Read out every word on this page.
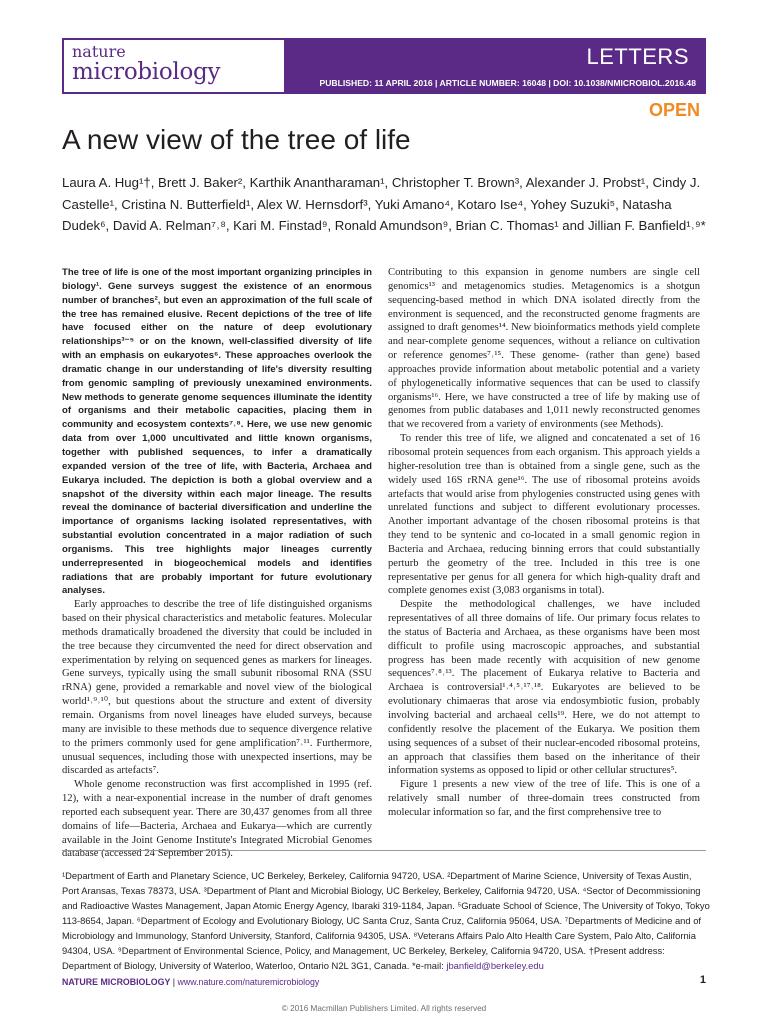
nature
microbiology
LETTERS
PUBLISHED: 11 APRIL 2016 | ARTICLE NUMBER: 16048 | DOI: 10.1038/NMICROBIOL.2016.48
OPEN
A new view of the tree of life
Laura A. Hug¹†, Brett J. Baker², Karthik Anantharaman¹, Christopher T. Brown³, Alexander J. Probst¹, Cindy J. Castelle¹, Cristina N. Butterfield¹, Alex W. Hernsdorf³, Yuki Amano⁴, Kotaro Ise⁴, Yohey Suzuki⁵, Natasha Dudek⁶, David A. Relman⁷˒⁸, Kari M. Finstad⁹, Ronald Amundson⁹, Brian C. Thomas¹ and Jillian F. Banfield¹˒⁹*

The tree of life is one of the most important organizing principles in biology¹. Gene surveys suggest the existence of an enormous number of branches², but even an approximation of the full scale of the tree has remained elusive. Recent depictions of the tree of life have focused either on the nature of deep evolutionary relationships³⁻⁵ or on the known, well-classified diversity of life with an emphasis on eukaryotes⁶. These approaches overlook the dramatic change in our understanding of life's diversity resulting from genomic sampling of previously unexamined environments. New methods to generate genome sequences illuminate the identity of organisms and their metabolic capacities, placing them in community and ecosystem contexts⁷˒⁸. Here, we use new genomic data from over 1,000 uncultivated and little known organisms, together with published sequences, to infer a dramatically expanded version of the tree of life, with Bacteria, Archaea and Eukarya included. The depiction is both a global overview and a snapshot of the diversity within each major lineage. The results reveal the dominance of bacterial diversification and underline the importance of organisms lacking isolated representatives, with substantial evolution concentrated in a major radiation of such organisms. This tree highlights major lineages currently underrepresented in biogeochemical models and identifies radiations that are probably important for future evolutionary analyses.

Early approaches to describe the tree of life distinguished organisms based on their physical characteristics and metabolic features. Molecular methods dramatically broadened the diversity that could be included in the tree because they circumvented the need for direct observation and experimentation by relying on sequenced genes as markers for lineages. Gene surveys, typically using the small subunit ribosomal RNA (SSU rRNA) gene, provided a remarkable and novel view of the biological world¹˒⁹˒¹⁰, but questions about the structure and extent of diversity remain. Organisms from novel lineages have eluded surveys, because many are invisible to these methods due to sequence divergence relative to the primers commonly used for gene amplification⁷˒¹¹. Furthermore, unusual sequences, including those with unexpected insertions, may be discarded as artefacts⁷.

Whole genome reconstruction was first accomplished in 1995 (ref. 12), with a near-exponential increase in the number of draft genomes reported each subsequent year. There are 30,437 genomes from all three domains of life—Bacteria, Archaea and Eukarya—which are currently available in the Joint Genome Institute's Integrated Microbial Genomes database (accessed 24 September 2015).

Contributing to this expansion in genome numbers are single cell genomics¹³ and metagenomics studies. Metagenomics is a shotgun sequencing-based method in which DNA isolated directly from the environment is sequenced, and the reconstructed genome fragments are assigned to draft genomes¹⁴. New bioinformatics methods yield complete and near-complete genome sequences, without a reliance on cultivation or reference genomes⁷˒¹⁵. These genome- (rather than gene) based approaches provide information about metabolic potential and a variety of phylogenetically informative sequences that can be used to classify organisms¹⁶. Here, we have constructed a tree of life by making use of genomes from public databases and 1,011 newly reconstructed genomes that we recovered from a variety of environments (see Methods).

To render this tree of life, we aligned and concatenated a set of 16 ribosomal protein sequences from each organism. This approach yields a higher-resolution tree than is obtained from a single gene, such as the widely used 16S rRNA gene¹⁶. The use of ribosomal proteins avoids artefacts that would arise from phylogenies constructed using genes with unrelated functions and subject to different evolutionary processes. Another important advantage of the chosen ribosomal proteins is that they tend to be syntenic and co-located in a small genomic region in Bacteria and Archaea, reducing binning errors that could substantially perturb the geometry of the tree. Included in this tree is one representative per genus for all genera for which high-quality draft and complete genomes exist (3,083 organisms in total).

Despite the methodological challenges, we have included representatives of all three domains of life. Our primary focus relates to the status of Bacteria and Archaea, as these organisms have been most difficult to profile using macroscopic approaches, and substantial progress has been made recently with acquisition of new genome sequences⁷˒⁸˒¹³. The placement of Eukarya relative to Bacteria and Archaea is controversial¹˒⁴˒⁵˒¹⁷˒¹⁸. Eukaryotes are believed to be evolutionary chimaeras that arose via endosymbiotic fusion, probably involving bacterial and archaeal cells¹⁹. Here, we do not attempt to confidently resolve the placement of the Eukarya. We position them using sequences of a subset of their nuclear-encoded ribosomal proteins, an approach that classifies them based on the inheritance of their information systems as opposed to lipid or other cellular structures⁵.

Figure 1 presents a new view of the tree of life. This is one of a relatively small number of three-domain trees constructed from molecular information so far, and the first comprehensive tree to

¹Department of Earth and Planetary Science, UC Berkeley, Berkeley, California 94720, USA. ²Department of Marine Science, University of Texas Austin, Port Aransas, Texas 78373, USA. ³Department of Plant and Microbial Biology, UC Berkeley, Berkeley, California 94720, USA. ⁴Sector of Decommissioning and Radioactive Wastes Management, Japan Atomic Energy Agency, Ibaraki 319-1184, Japan. ⁵Graduate School of Science, The University of Tokyo, Tokyo 113-8654, Japan. ⁶Department of Ecology and Evolutionary Biology, UC Santa Cruz, Santa Cruz, California 95064, USA. ⁷Departments of Medicine and of Microbiology and Immunology, Stanford University, Stanford, California 94305, USA. ⁸Veterans Affairs Palo Alto Health Care System, Palo Alto, California 94304, USA. ⁹Department of Environmental Science, Policy, and Management, UC Berkeley, Berkeley, California 94720, USA. †Present address: Department of Biology, University of Waterloo, Waterloo, Ontario N2L 3G1, Canada. *e-mail: jbanfield@berkeley.edu
NATURE MICROBIOLOGY | www.nature.com/naturemicrobiology	1
© 2016 Macmillan Publishers Limited. All rights reserved
